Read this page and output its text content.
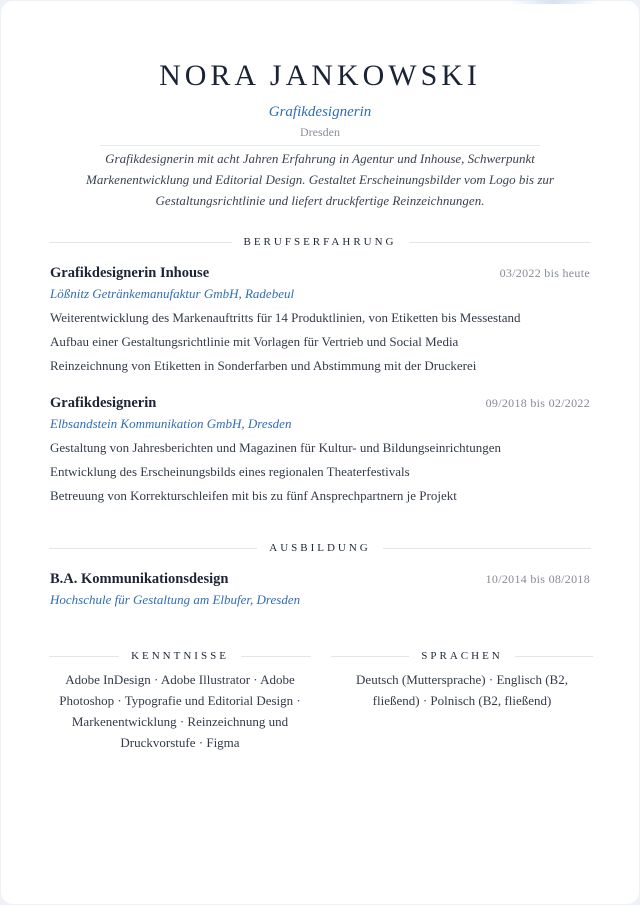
NORA JANKOWSKI
Grafikdesignerin
Dresden
Grafikdesignerin mit acht Jahren Erfahrung in Agentur und Inhouse, Schwerpunkt Markenentwicklung und Editorial Design. Gestaltet Erscheinungsbilder vom Logo bis zur Gestaltungsrichtlinie und liefert druckfertige Reinzeichnungen.
BERUFSERFAHRUNG
Grafikdesignerin Inhouse	03/2022 bis heute
Lößnitz Getränkemanufaktur GmbH, Radebeul
Weiterentwicklung des Markenauftritts für 14 Produktlinien, von Etiketten bis Messestand
Aufbau einer Gestaltungsrichtlinie mit Vorlagen für Vertrieb und Social Media
Reinzeichnung von Etiketten in Sonderfarben und Abstimmung mit der Druckerei
Grafikdesignerin	09/2018 bis 02/2022
Elbsandstein Kommunikation GmbH, Dresden
Gestaltung von Jahresberichten und Magazinen für Kultur- und Bildungseinrichtungen
Entwicklung des Erscheinungsbilds eines regionalen Theaterfestivals
Betreuung von Korrekturschleifen mit bis zu fünf Ansprechpartnern je Projekt
AUSBILDUNG
B.A. Kommunikationsdesign	10/2014 bis 08/2018
Hochschule für Gestaltung am Elbufer, Dresden
KENNTNISSE
Adobe InDesign · Adobe Illustrator · Adobe Photoshop · Typografie und Editorial Design · Markenentwicklung · Reinzeichnung und Druckvorstufe · Figma
SPRACHEN
Deutsch (Muttersprache) · Englisch (B2, fließend) · Polnisch (B2, fließend)
